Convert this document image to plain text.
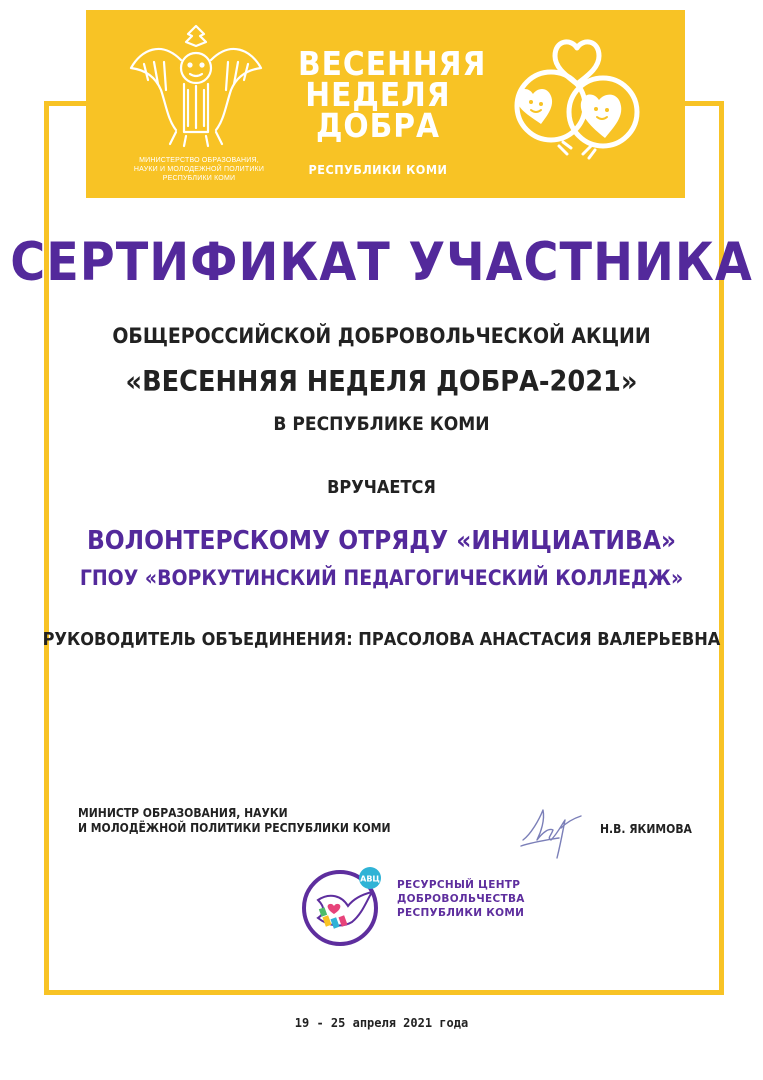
МИНИСТЕРСТВО ОБРАЗОВАНИЯ,
НАУКИ И МОЛОДЕЖНОЙ ПОЛИТИКИ
РЕСПУБЛИКИ КОМИ
ВЕСЕННЯЯ
НЕДЕЛЯ
ДОБРА
РЕСПУБЛИКИ КОМИ
СЕРТИФИКАТ УЧАСТНИКА
ОБЩЕРОССИЙСКОЙ ДОБРОВОЛЬЧЕСКОЙ АКЦИИ
«ВЕСЕННЯЯ НЕДЕЛЯ ДОБРА-2021»
В РЕСПУБЛИКЕ КОМИ
ВРУЧАЕТСЯ
ВОЛОНТЕРСКОМУ ОТРЯДУ «ИНИЦИАТИВА»
ГПОУ «ВОРКУТИНСКИЙ ПЕДАГОГИЧЕСКИЙ КОЛЛЕДЖ»
РУКОВОДИТЕЛЬ ОБЪЕДИНЕНИЯ: ПРАСОЛОВА АНАСТАСИЯ ВАЛЕРЬЕВНА
МИНИСТР ОБРАЗОВАНИЯ, НАУКИ
И МОЛОДЁЖНОЙ ПОЛИТИКИ РЕСПУБЛИКИ КОМИ	Н.В. ЯКИМОВА
АВЦ РЕСУРСНЫЙ ЦЕНТР
ДОБРОВОЛЬЧЕСТВА
РЕСПУБЛИКИ КОМИ
19 - 25 апреля 2021 года
